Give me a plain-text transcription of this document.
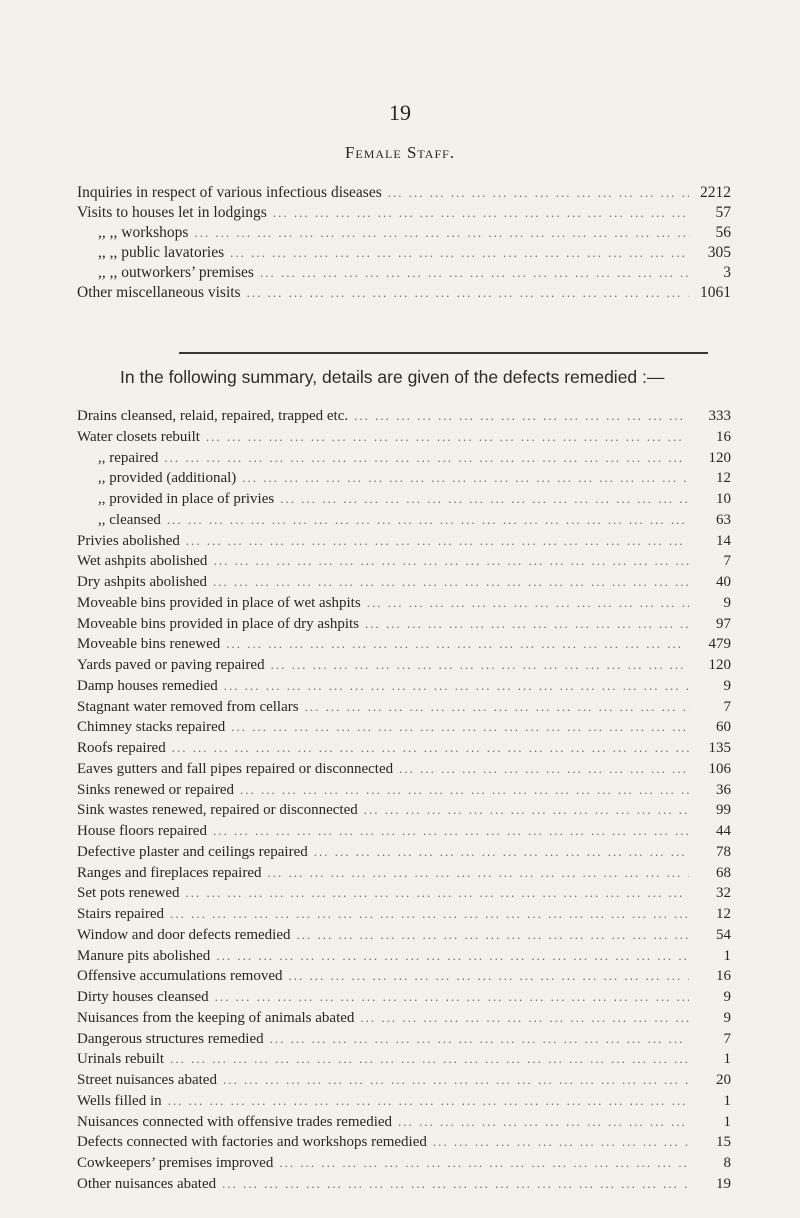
19
Female Staff.
Inquiries in respect of various infectious diseases ... .	2212
Visits to houses let in lodgings ... .	57
,, ,, workshops ... .	56
,, ,, public lavatories ... .	305
,, ,, outworkers’ premises ... .	3
Other miscellaneous visits ... .	1061
In the following summary, details are given of the defects remedied :—
Drains cleansed, relaid, repaired, trapped etc. ... .	333
Water closets rebuilt ... .	16
,, repaired ... .	120
,, provided (additional) ... .	12
,, provided in place of privies ... .	10
,, cleansed ... .	63
Privies abolished ... .	14
Wet ashpits abolished ... .	7
Dry ashpits abolished ... .	40
Moveable bins provided in place of wet ashpits ... .	9
Moveable bins provided in place of dry ashpits ... .	97
Moveable bins renewed ... .	479
Yards paved or paving repaired ... .	120
Damp houses remedied ... .	9
Stagnant water removed from cellars ... .	7
Chimney stacks repaired ... .	60
Roofs repaired ... .	135
Eaves gutters and fall pipes repaired or disconnected ... .	106
Sinks renewed or repaired ... .	36
Sink wastes renewed, repaired or disconnected ... .	99
House floors repaired ... .	44
Defective plaster and ceilings repaired ... .	78
Ranges and fireplaces repaired ... .	68
Set pots renewed ... .	32
Stairs repaired ... .	12
Window and door defects remedied ... .	54
Manure pits abolished ... .	1
Offensive accumulations removed ... .	16
Dirty houses cleansed ... .	9
Nuisances from the keeping of animals abated ... .	9
Dangerous structures remedied ... .	7
Urinals rebuilt ... .	1
Street nuisances abated ... .	20
Wells filled in ... .	1
Nuisances connected with offensive trades remedied ... .	1
Defects connected with factories and workshops remedied ... .	15
Cowkeepers’ premises improved ... .	8
Other nuisances abated ... .	19
